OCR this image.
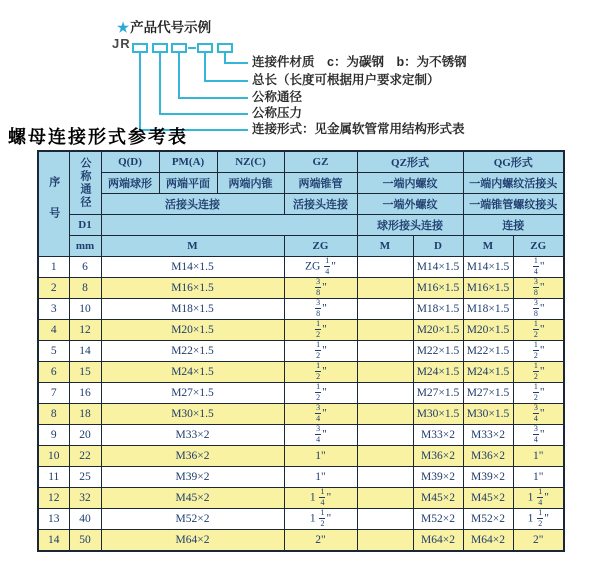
★产品代号示例
JR
连接件材质　c：为碳钢　b：为不锈钢
总长（长度可根据用户要求定制）
公称通径
公称压力
连接形式：见金属软管常用结构形式表
螺母连接形式参考表
序号	公称通径	Q(D)	PM(A)	NZ(C)	GZ	QZ形式		QG形式	
		两端球形	两端平面	两端内锥	两端锥管	一端内螺纹		一端内螺纹活接头	
		活接头连接			活接头连接	一端外螺纹		一端锥管螺纹接头	
	D1					球形接头连接		连接	
	mm	M			ZG	M	D	M	ZG
1	6	M14×1.5			ZG $\frac{1}{4}$ "		M14×1.5	M14×1.5	$\frac{1}{4}$ "
2	8	M16×1.5			$\frac{3}{8}$ "		M16×1.5	M16×1.5	$\frac{3}{8}$ "
3	10	M18×1.5			$\frac{3}{8}$ "		M18×1.5	M18×1.5	$\frac{3}{8}$ "
4	12	M20×1.5			$\frac{1}{2}$ "		M20×1.5	M20×1.5	$\frac{1}{2}$ "
5	14	M22×1.5			$\frac{1}{2}$ "		M22×1.5	M22×1.5	$\frac{1}{2}$ "
6	15	M24×1.5			$\frac{1}{2}$ "		M24×1.5	M24×1.5	$\frac{1}{2}$ "
7	16	M27×1.5			$\frac{1}{2}$ "		M27×1.5	M27×1.5	$\frac{1}{2}$ "
8	18	M30×1.5			$\frac{3}{4}$ "		M30×1.5	M30×1.5	$\frac{3}{4}$ "
9	20	M33×2			$\frac{3}{4}$ "		M33×2	M33×2	$\frac{3}{4}$ "
10	22	M36×2			1"		M36×2	M36×2	1"
11	25	M39×2			1"		M39×2	M39×2	1"
12	32	M45×2			$1 \frac{1}{4}$ "		M45×2	M45×2	$1 \frac{1}{4}$ "
13	40	M52×2			$1 \frac{1}{2}$ "		M52×2	M52×2	$1 \frac{1}{2}$ "
14	50	M64×2			2"		M64×2	M64×2	2"
